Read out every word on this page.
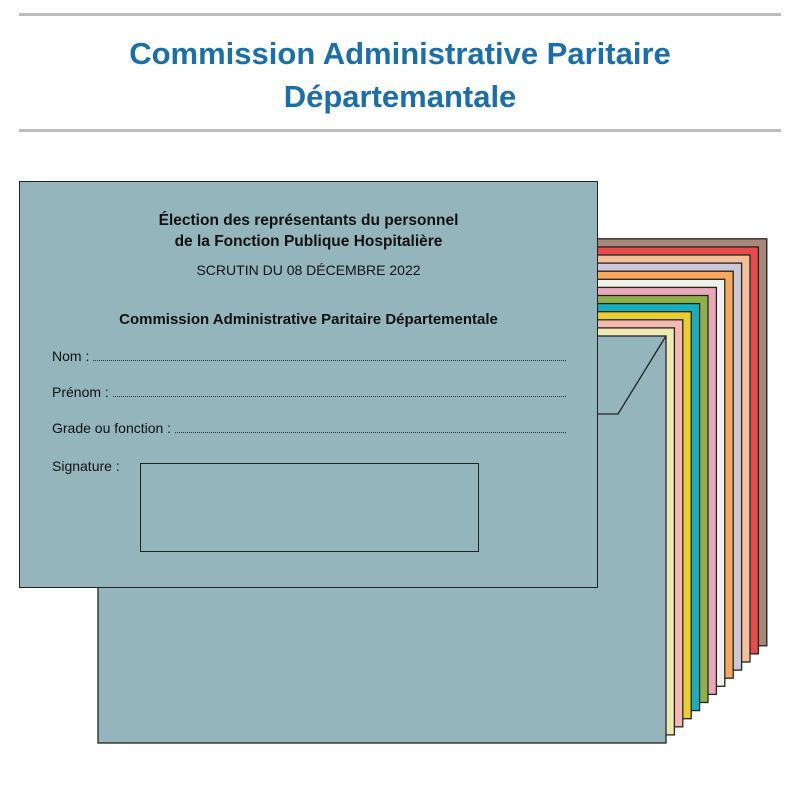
Commission Administrative Paritaire
Départemantale
Élection des représentants du personnel
de la Fonction Publique Hospitalière
SCRUTIN DU 08 DÉCEMBRE 2022
Commission Administrative Paritaire Départementale
Nom :
Prénom :
Grade ou fonction :
Signature :
